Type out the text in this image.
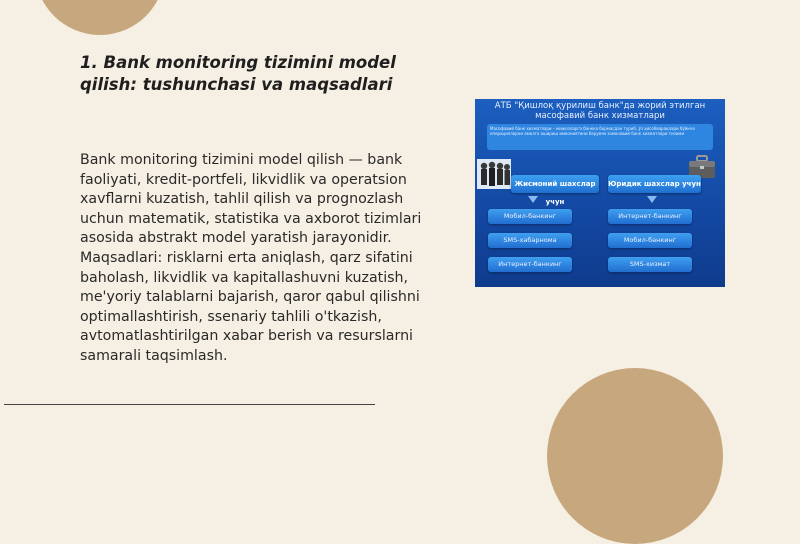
1. Bank monitoring tizimini model qilish: tushunchasi va maqsadlari

Bank monitoring tizimini model qilish — bank faoliyati, kredit-portfeli, likvidlik va operatsion xavflarni kuzatish, tahlil qilish va prognozlash uchun matematik, statistika va axborot tizimlari asosida abstrakt model yaratish jarayonidir. Maqsadlari: risklarni erta aniqlash, qarz sifatini baholash, likvidlik va kapitallashuvni kuzatish, me'yoriy talablarni bajarish, qaror qabul qilishni optimallashtirish, ssenariy tahlili o'tkazish, avtomatlashtirilgan xabar berish va resurslarni samarali taqsimlash.

АТБ "Қишлоқ қурилиш банк"да жорий этилган масофавий банк хизматлари
Масофавий банк хизматлари – мижозларга банкка бормасдан туриб, ўз ҳисобварақлари бўйича операцияларни амалга ошириш имкониятини берувчи замонавий банк хизматлари тизими
Жисмоний шахслар учун
Юридик шахслар учун
Мобил-банкинг
SMS-хабарнома
Интернет-банкинг
Интернет-банкинг
Мобил-банкинг
SMS-хизмат
